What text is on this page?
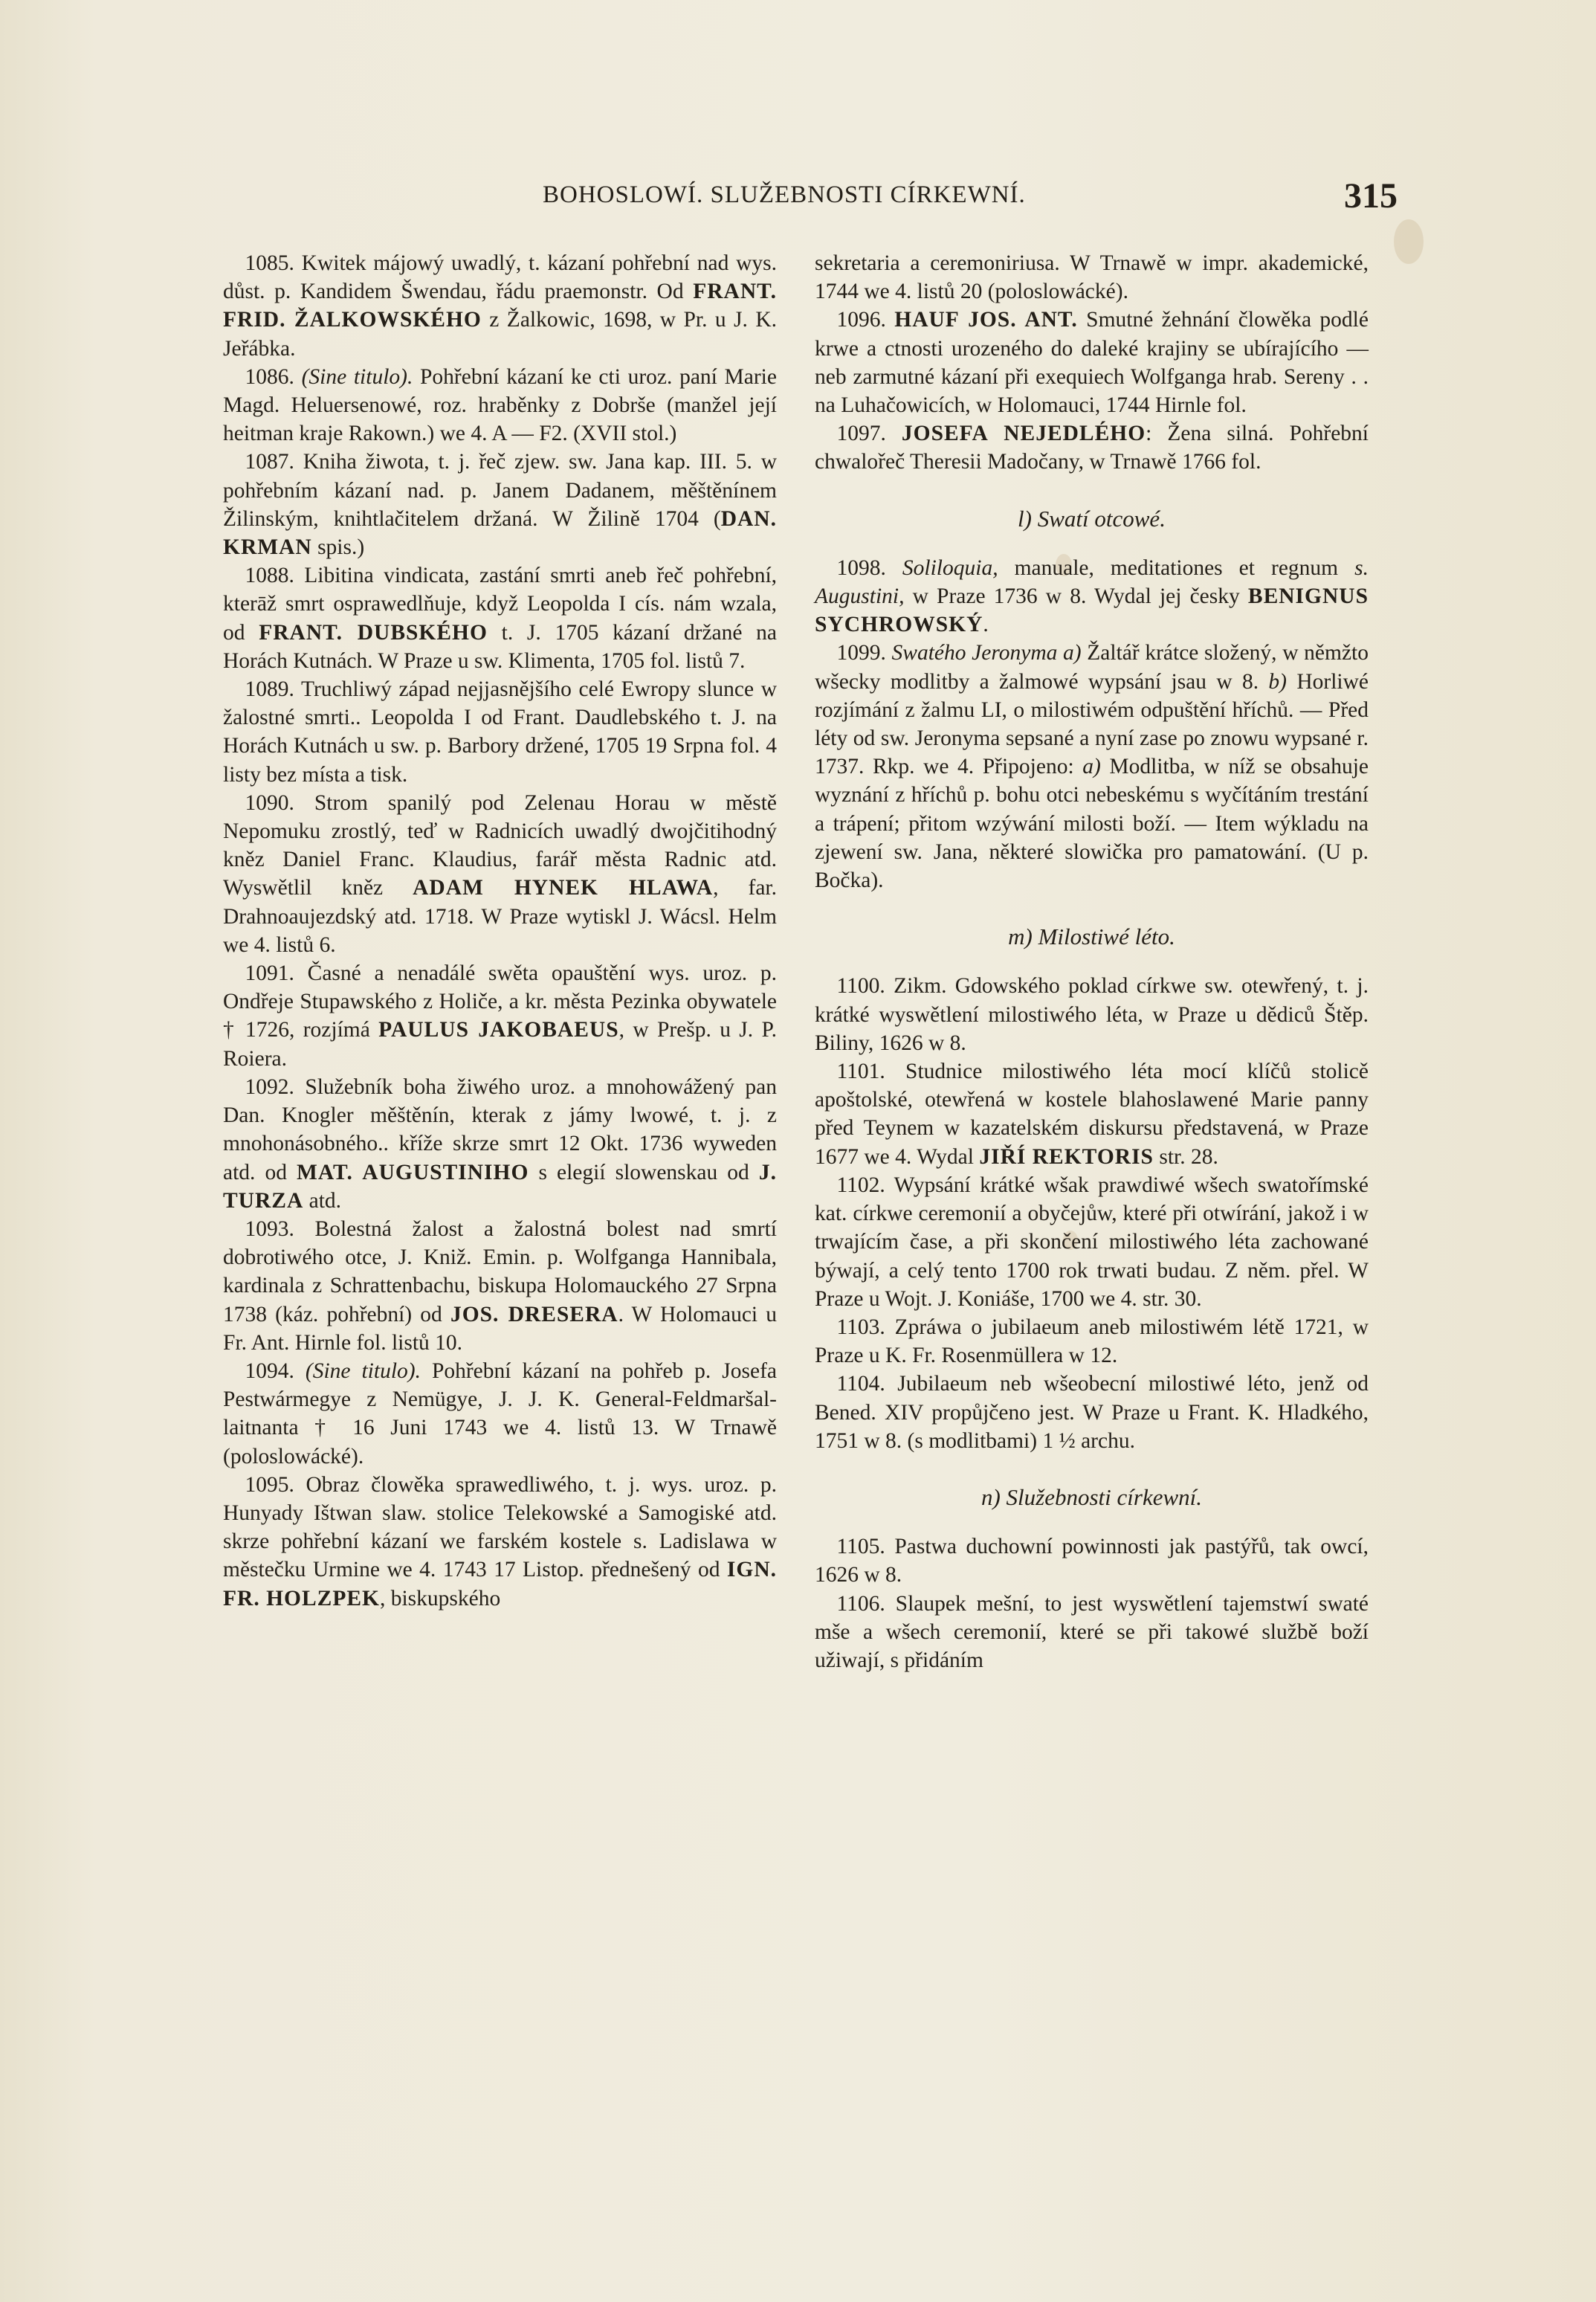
BOHOSLOWÍ. SLUŽEBNOSTI CÍRKEWNÍ.	315

 1085. Kwitek májowý uwadlý, t. kázaní pohřební nad wys. důst. p. Kandidem Šwendau, řádu praemonstr. Od FRANT. FRID. ŽALKOWSKÉHO z Žalkowic, 1698, w Pr. u J. K. Jeřábka.

 1086. (Sine titulo). Pohřební kázaní ke cti uroz. paní Marie Magd. Heluersenowé, roz. hraběnky z Dobrše (manžel její heitman kraje Rakown.) we 4. A — F2. (XVII stol.)

 1087. Kniha žiwota, t. j. řeč zjew. sw. Jana kap. III. 5. w pohřebním kázaní nad. p. Janem Dadanem, měštěnínem Žilinským, knihtlačitelem držaná. W Žilině 1704 (DAN. KRMAN spis.)

 1088. Libitina vindicata, zastání smrti aneb řeč pohřební, kterāž smrt osprawedlňuje, když Leopolda I cís. nám wzala, od FRANT. DUBSKÉHO t. J. 1705 kázaní držané na Horách Kutnách. W Praze u sw. Klimenta, 1705 fol. listů 7.

 1089. Truchliwý západ nejjasnějšího celé Ewropy slunce w žalostné smrti.. Leopolda I od Frant. Daudlebského t. J. na Horách Kutnách u sw. p. Barbory držené, 1705 19 Srpna fol. 4 listy bez místa a tisk.

 1090. Strom spanilý pod Zelenau Horau w městě Nepomuku zrostlý, teď w Radnicích uwadlý dwojčitihodný kněz Daniel Franc. Klaudius, farář města Radnic atd. Wyswětlil kněz ADAM HYNEK HLAWA, far. Drahnoaujezdský atd. 1718. W Praze wytiskl J. Wácsl. Helm we 4. listů 6.

 1091. Časné a nenadálé swěta opauštění wys. uroz. p. Ondřeje Stupawského z Holiče, a kr. města Pezinka obywatele † 1726, rozjímá PAULUS JAKOBAEUS, w Prešp. u J. P. Roiera.

 1092. Služebník boha žiwého uroz. a mnohowážený pan Dan. Knogler měštěnín, kterak z jámy lwowé, t. j. z mnohonásobného.. kříže skrze smrt 12 Okt. 1736 wyweden atd. od MAT. AUGUSTINIHO s elegií slowenskau od J. TURZA atd.

 1093. Bolestná žalost a žalostná bolest nad smrtí dobrotiwého otce, J. Kniž. Emin. p. Wolfganga Hannibala, kardinala z Schrattenbachu, biskupa Holomauckého 27 Srpna 1738 (káz. pohřební) od JOS. DRESERA. W Holomauci u Fr. Ant. Hirnle fol. listů 10.

 1094. (Sine titulo). Pohřební kázaní na pohřeb p. Josefa Pestwármegye z Nemügye, J. J. K. General-Feldmaršal-laitnanta † 16 Juni 1743 we 4. listů 13. W Trnawě (poloslowácké).

 1095. Obraz člowěka sprawedliwého, t. j. wys. uroz. p. Hunyady Ištwan slaw. stolice Telekowské a Samogiské atd. skrze pohřební kázaní we farském kostele s. Ladislawa w městečku Urmine we 4. 1743 17 Listop. přednešený od IGN. FR. HOLZPEK, biskupského

sekretaria a ceremoniriusa. W Trnawě w impr. akademické, 1744 we 4. listů 20 (poloslowácké).

 1096. HAUF JOS. ANT. Smutné žehnání člowěka podlé krwe a ctnosti urozeného do daleké krajiny se ubírajícího — neb zarmutné kázaní při exequiech Wolfganga hrab. Sereny . . na Luhačowicích, w Holomauci, 1744 Hirnle fol.

 1097. JOSEFA NEJEDLÉHO: Žena silná. Pohřební chwalořeč Theresii Madočany, w Trnawě 1766 fol.

l) Swatí otcowé.

 1098. Soliloquia, manuale, meditationes et regnum s. Augustini, w Praze 1736 w 8. Wydal jej česky BENIGNUS SYCHROWSKÝ.

 1099. Swatého Jeronyma a) Žaltář krátce složený, w němžto wšecky modlitby a žalmowé wypsání jsau w 8. b) Horliwé rozjímání z žalmu LI, o milostiwém odpuštění hříchů. — Před léty od sw. Jeronyma sepsané a nyní zase po znowu wypsané r. 1737. Rkp. we 4. Připojeno: a) Modlitba, w níž se obsahuje wyznání z hříchů p. bohu otci nebeskému s wyčítáním trestání a trápení; přitom wzýwání milosti boží. — Item wýkladu na zjewení sw. Jana, některé slowička pro pamatowání. (U p. Bočka).

m) Milostiwé léto.

 1100. Zikm. Gdowského poklad církwe sw. otewřený, t. j. krátké wyswětlení milostiwého léta, w Praze u dědiců Štěp. Biliny, 1626 w 8.

 1101. Studnice milostiwého léta mocí klíčů stolicě apoštolské, otewřená w kostele blahoslawené Marie panny před Teynem w kazatelském diskursu představená, w Praze 1677 we 4. Wydal JIŘÍ REKTORIS str. 28.

 1102. Wypsání krátké wšak prawdiwé wšech swatořímské kat. církwe ceremonií a obyčejůw, které při otwírání, jakož i w trwajícím čase, a při skončení milostiwého léta zachowané býwají, a celý tento 1700 rok trwati budau. Z něm. přel. W Praze u Wojt. J. Koniáše, 1700 we 4. str. 30.

 1103. Zpráwa o jubilaeum aneb milostiwém létě 1721, w Praze u K. Fr. Rosenmüllera w 12.

 1104. Jubilaeum neb wšeobecní milostiwé léto, jenž od Bened. XIV propůjčeno jest. W Praze u Frant. K. Hladkého, 1751 w 8. (s modlitbami) 1 ½ archu.

n) Služebnosti církewní.

 1105. Pastwa duchowní powinnosti jak pastýřů, tak owcí, 1626 w 8.

 1106. Slaupek mešní, to jest wyswětlení tajemstwí swaté mše a wšech ceremonií, které se při takowé službě boží užiwají, s přidáním
